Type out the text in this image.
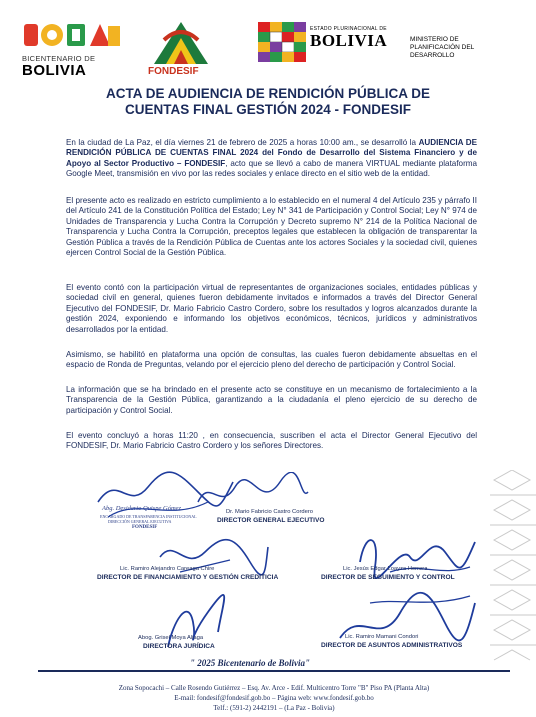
BICENTENARIO DE
BOLIVIA	FONDESIF
ESTADO PLURINACIONAL DE
BOLIVIA	MINISTERIO DE
PLANIFICACIÓN DEL DESARROLLO
ACTA DE AUDIENCIA DE RENDICIÓN PÚBLICA DE
CUENTAS FINAL GESTIÓN 2024 - FONDESIF
En la ciudad de La Paz, el día viernes 21 de febrero de 2025 a horas 10:00 am., se desarrolló la AUDIENCIA DE RENDICIÓN PÚBLICA DE CUENTAS FINAL 2024 del Fondo de Desarrollo del Sistema Financiero y de Apoyo al Sector Productivo – FONDESIF, acto que se llevó a cabo de manera VIRTUAL mediante plataforma Google Meet, transmisión en vivo por las redes sociales y enlace directo en el sitio web de la entidad.
El presente acto es realizado en estricto cumplimiento a lo establecido en el numeral 4 del Artículo 235 y párrafo II del Artículo 241 de la Constitución Política del Estado; Ley N° 341 de Participación y Control Social; Ley N° 974 de Unidades de Transparencia y Lucha Contra la Corrupción y Decreto supremo N° 214 de la Política Nacional de Transparencia y Lucha Contra la Corrupción, preceptos legales que establecen la obligación de transparentar la Gestión Pública a través de la Rendición Pública de Cuentas ante los actores Sociales y la sociedad civil, quienes ejercen Control Social de la Gestión Pública.
El evento contó con la participación virtual de representantes de organizaciones sociales, entidades públicas y sociedad civil en general, quienes fueron debidamente invitados e informados a través del Director General Ejecutivo del FONDESIF, Dr. Mario Fabricio Castro Cordero, sobre los resultados y logros alcanzados durante la gestión 2024, exponiendo e informando los objetivos económicos, técnicos, jurídicos y administrativos desarrollados por la entidad.
Asimismo, se habilitó en plataforma una opción de consultas, las cuales fueron debidamente absueltas en el espacio de Ronda de Preguntas, velando por el ejercicio pleno del derecho de participación y Control Social.
La información que se ha brindado en el presente acto se constituye en un mecanismo de fortalecimiento a la Transparencia de la Gestión Pública, garantizando a la ciudadanía el pleno ejercicio de su derecho de participación y Control Social.
El evento concluyó a horas 11:20 , en consecuencia, suscriben el acta el Director General Ejecutivo del FONDESIF, Dr. Mario Fabricio Castro Cordero y los señores Directores.
Abg. Desiderio Quispe Gómez
ENCARGADO DE TRANSPARENCIA INSTITUCIONAL
DIRECCIÓN GENERAL EJECUTIVA
FONDESIF
Dr. Mario Fabricio Castro Cordero
DIRECTOR GENERAL EJECUTIVO
Lic. Ramiro Alejandro Careaga Chire
DIRECTOR DE FINANCIAMIENTO Y GESTIÓN CREDITICIA
Lic. Jesús Edgar Loayza Herrera
DIRECTOR DE SEGUIMIENTO Y CONTROL
Abog. Grisel Moya Aliaga
DIRECTORA JURÍDICA
Lic. Ramiro Mamani Condori
DIRECTOR DE ASUNTOS ADMINISTRATIVOS
" 2025 Bicentenario de Bolivia"
Zona Sopocachi – Calle Rosendo Gutiérrez – Esq. Av. Arce - Edif. Multicentro Torre "B" Piso PA (Planta Alta)
E-mail: fondesif@fondesif.gob.bo – Página web: www.fondesif.gob.bo
Telf.: (591-2) 2442191 – (La Paz - Bolivia)
